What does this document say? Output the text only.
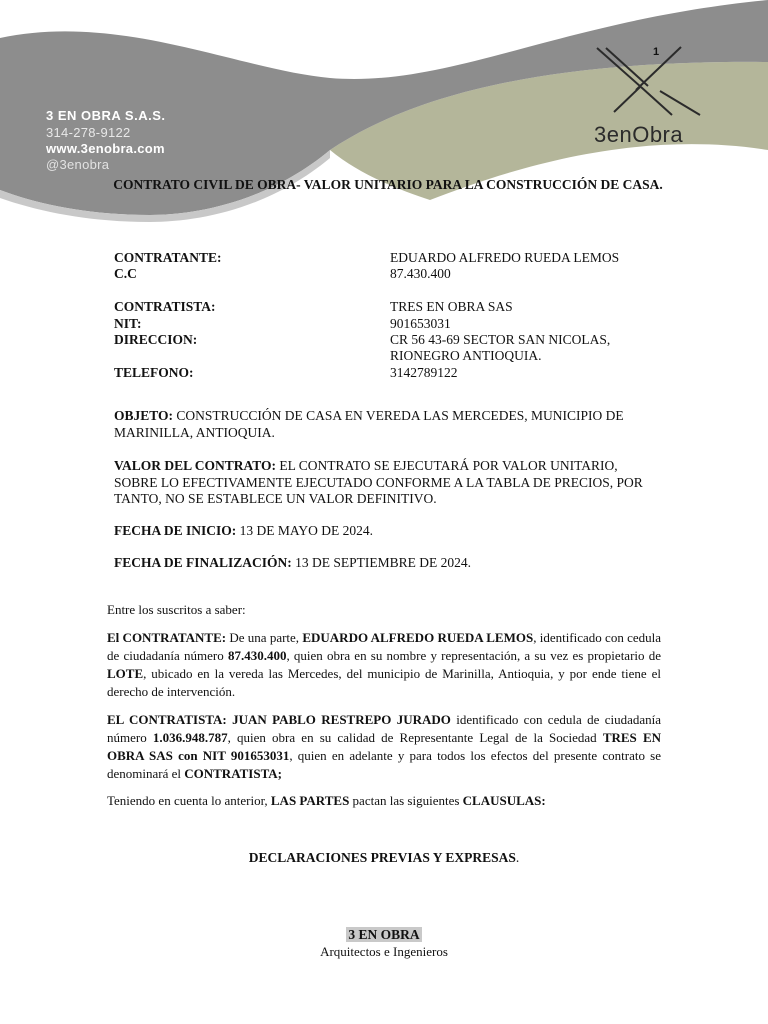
1
3enObra
3 EN OBRA S.A.S.
314-278-9122
www.3enobra.com
@3enobra
CONTRATO CIVIL DE OBRA- VALOR UNITARIO PARA LA CONSTRUCCIÓN DE CASA.
CONTRATANTE:	EDUARDO ALFREDO RUEDA LEMOS
C.C	87.430.400
CONTRATISTA:	TRES EN OBRA SAS
NIT:	901653031
DIRECCION:	CR 56 43-69 SECTOR SAN NICOLAS,
RIONEGRO ANTIOQUIA.
TELEFONO:	3142789122
OBJETO: CONSTRUCCIÓN DE CASA EN VEREDA LAS MERCEDES, MUNICIPIO DE MARINILLA, ANTIOQUIA.
VALOR DEL CONTRATO: EL CONTRATO SE EJECUTARÁ POR VALOR UNITARIO, SOBRE LO EFECTIVAMENTE EJECUTADO CONFORME A LA TABLA DE PRECIOS, POR TANTO, NO SE ESTABLECE UN VALOR DEFINITIVO.
FECHA DE INICIO: 13 DE MAYO DE 2024.
FECHA DE FINALIZACIÓN: 13 DE SEPTIEMBRE DE 2024.
Entre los suscritos a saber:
El CONTRATANTE: De una parte, EDUARDO ALFREDO RUEDA LEMOS, identificado con cedula de ciudadanía número 87.430.400, quien obra en su nombre y representación, a su vez es propietario de LOTE, ubicado en la vereda las Mercedes, del municipio de Marinilla, Antioquia, y por ende tiene el derecho de intervención.
EL CONTRATISTA: JUAN PABLO RESTREPO JURADO identificado con cedula de ciudadanía número 1.036.948.787, quien obra en su calidad de Representante Legal de la Sociedad TRES EN OBRA SAS con NIT 901653031, quien en adelante y para todos los efectos del presente contrato se denominará el CONTRATISTA;
Teniendo en cuenta lo anterior, LAS PARTES pactan las siguientes CLAUSULAS:
DECLARACIONES PREVIAS Y EXPRESAS.
3 EN OBRA
Arquitectos e Ingenieros
